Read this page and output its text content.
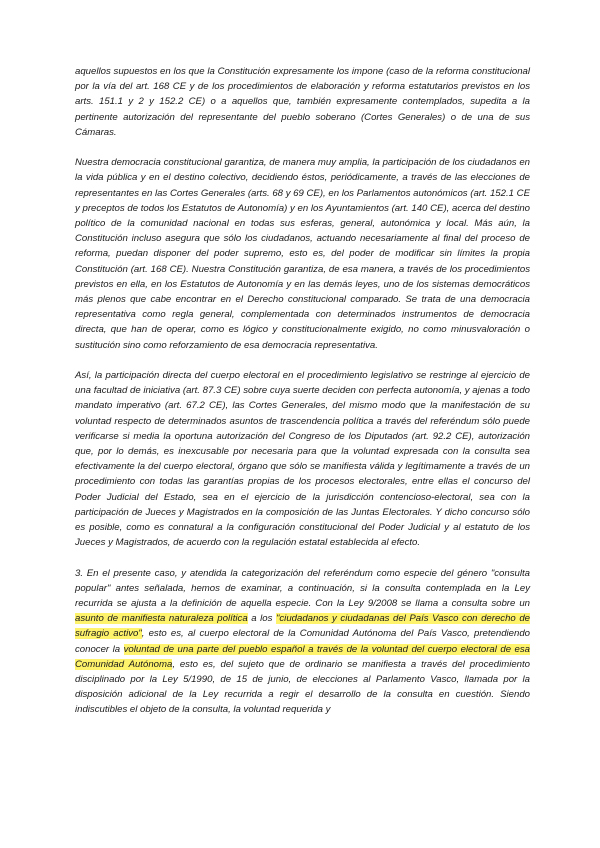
aquellos supuestos en los que la Constitución expresamente los impone (caso de la reforma constitucional por la vía del art. 168 CE y de los procedimientos de elaboración y reforma estatutarios previstos en los arts. 151.1 y 2 y 152.2 CE) o a aquellos que, también expresamente contemplados, supedita a la pertinente autorización del representante del pueblo soberano (Cortes Generales) o de una de sus Cámaras.

Nuestra democracia constitucional garantiza, de manera muy amplia, la participación de los ciudadanos en la vida pública y en el destino colectivo, decidiendo éstos, periódicamente, a través de las elecciones de representantes en las Cortes Generales (arts. 68 y 69 CE), en los Parlamentos autonómicos (art. 152.1 CE y preceptos de todos los Estatutos de Autonomía) y en los Ayuntamientos (art. 140 CE), acerca del destino político de la comunidad nacional en todas sus esferas, general, autonómica y local. Más aún, la Constitución incluso asegura que sólo los ciudadanos, actuando necesariamente al final del proceso de reforma, puedan disponer del poder supremo, esto es, del poder de modificar sin límites la propia Constitución (art. 168 CE). Nuestra Constitución garantiza, de esa manera, a través de los procedimientos previstos en ella, en los Estatutos de Autonomía y en las demás leyes, uno de los sistemas democráticos más plenos que cabe encontrar en el Derecho constitucional comparado. Se trata de una democracia representativa como regla general, complementada con determinados instrumentos de democracia directa, que han de operar, como es lógico y constitucionalmente exigido, no como minusvaloración o sustitución sino como reforzamiento de esa democracia representativa.

Así, la participación directa del cuerpo electoral en el procedimiento legislativo se restringe al ejercicio de una facultad de iniciativa (art. 87.3 CE) sobre cuya suerte deciden con perfecta autonomía, y ajenas a todo mandato imperativo (art. 67.2 CE), las Cortes Generales, del mismo modo que la manifestación de su voluntad respecto de determinados asuntos de trascendencia política a través del referéndum sólo puede verificarse si media la oportuna autorización del Congreso de los Diputados (art. 92.2 CE), autorización que, por lo demás, es inexcusable por necesaria para que la voluntad expresada con la consulta sea efectivamente la del cuerpo electoral, órgano que sólo se manifiesta válida y legítimamente a través de un procedimiento con todas las garantías propias de los procesos electorales, entre ellas el concurso del Poder Judicial del Estado, sea en el ejercicio de la jurisdicción contencioso-electoral, sea con la participación de Jueces y Magistrados en la composición de las Juntas Electorales. Y dicho concurso sólo es posible, como es connatural a la configuración constitucional del Poder Judicial y al estatuto de los Jueces y Magistrados, de acuerdo con la regulación estatal establecida al efecto.

3. En el presente caso, y atendida la categorización del referéndum como especie del género "consulta popular" antes señalada, hemos de examinar, a continuación, si la consulta contemplada en la Ley recurrida se ajusta a la definición de aquella especie. Con la Ley 9/2008 se llama a consulta sobre un asunto de manifiesta naturaleza política a los "ciudadanos y ciudadanas del País Vasco con derecho de sufragio activo", esto es, al cuerpo electoral de la Comunidad Autónoma del País Vasco, pretendiendo conocer la voluntad de una parte del pueblo español a través de la voluntad del cuerpo electoral de esa Comunidad Autónoma, esto es, del sujeto que de ordinario se manifiesta a través del procedimiento disciplinado por la Ley 5/1990, de 15 de junio, de elecciones al Parlamento Vasco, llamada por la disposición adicional de la Ley recurrida a regir el desarrollo de la consulta en cuestión. Siendo indiscutibles el objeto de la consulta, la voluntad requerida y
